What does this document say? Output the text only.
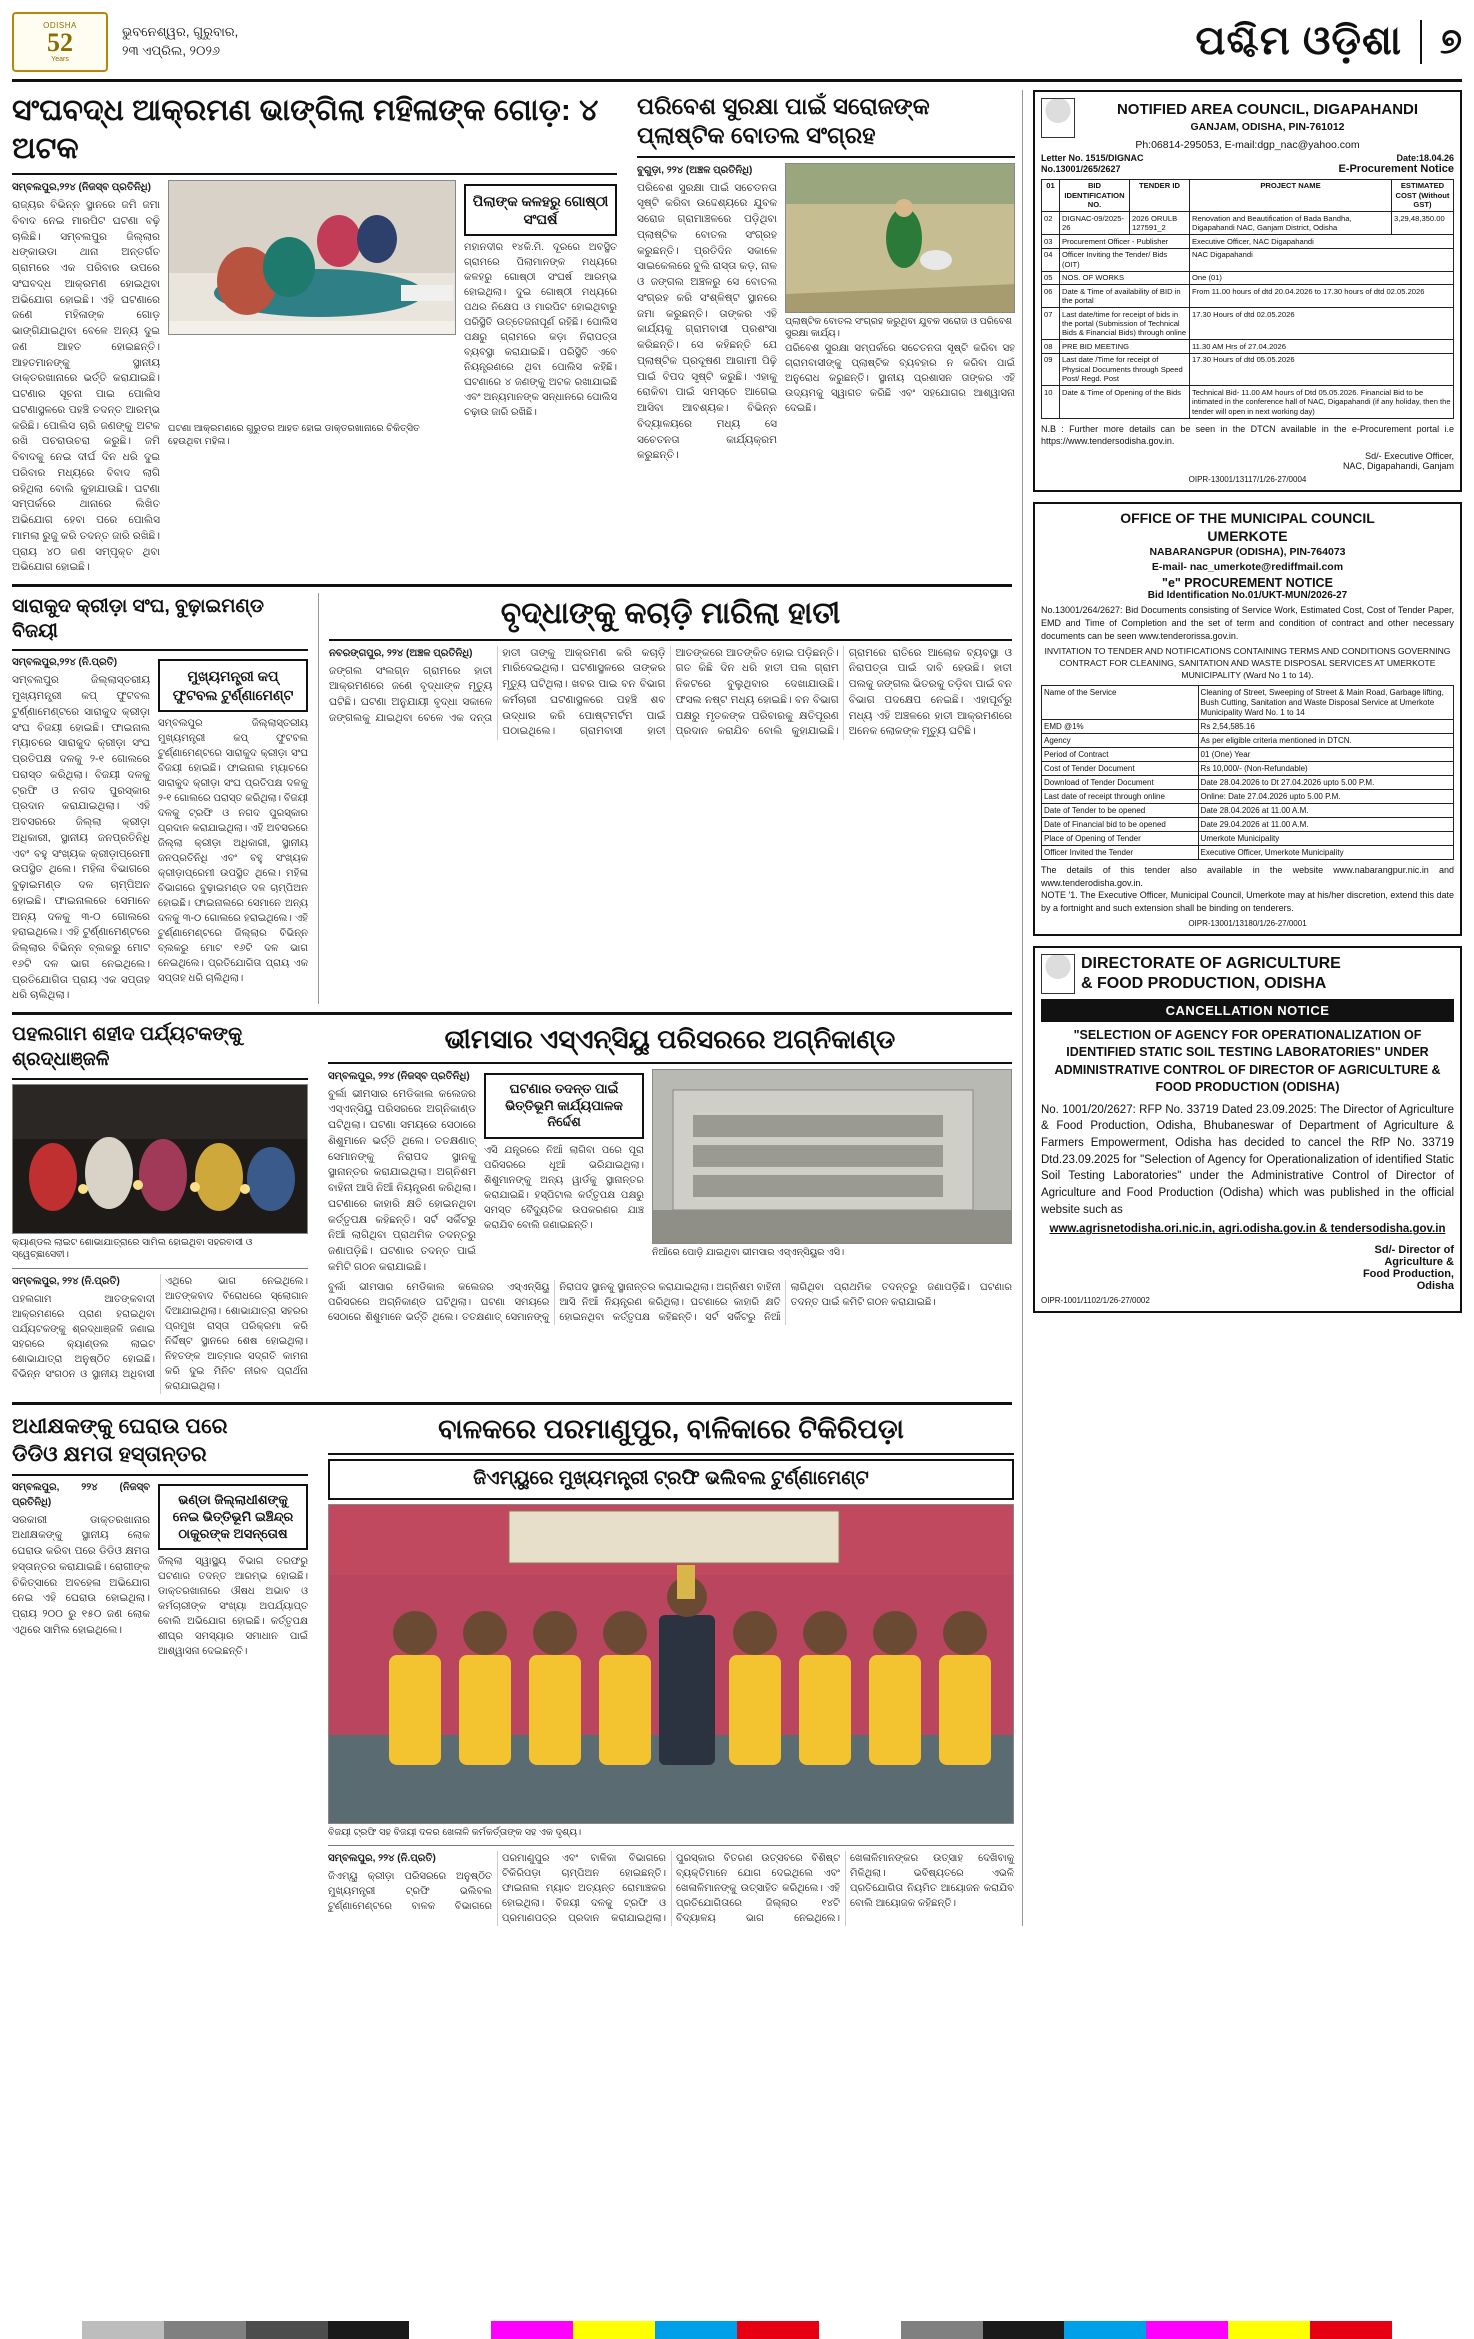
ODISHA
52
Years
ଭୁବନେଶ୍ୱର, ଗୁରୁବାର,
୨୩ ଏପ୍ରିଲ, ୨୦୨୬	ପଶ୍ଚିମ ଓଡ଼ିଶା ୭
ସଂଘବଦ୍ଧ ଆକ୍ରମଣ ଭାଙ୍ଗିଲା ମହିଳାଙ୍କ ଗୋଡ଼: ୪ ଅଟକ
ସମ୍ବଲପୁର,୨୨୪ (ନିଜସ୍ବ ପ୍ରତିନିଧି)
ରାଜ୍ୟର ବିଭିନ୍ନ ସ୍ଥାନରେ ଜମି ଜମା ବିବାଦ ନେଇ ମାରପିଟ ଘଟଣା ବଢ଼ି ଚାଲିଛି। ସମ୍ବଲପୁର ଜିଲ୍ଲାର ଧଙ୍କାଉଡା ଥାନା ଅନ୍ତର୍ଗତ ଗ୍ରାମରେ ଏକ ପରିବାର ଉପରେ ସଂଘବଦ୍ଧ ଆକ୍ରମଣ ହୋଇଥିବା ଅଭିଯୋଗ ହୋଇଛି। ଏହି ଘଟଣାରେ ଜଣେ ମହିଳାଙ୍କ ଗୋଡ଼ ଭାଙ୍ଗିଯାଇଥିବା ବେଳେ ଅନ୍ୟ ଦୁଇ ଜଣ ଆହତ ହୋଇଛନ୍ତି। ଆହତମାନଙ୍କୁ ସ୍ଥାନୀୟ ଡାକ୍ତରଖାନାରେ ଭର୍ତ୍ତି କରାଯାଇଛି। ଘଟଣାର ସୂଚନା ପାଇ ପୋଲିସ ଘଟଣାସ୍ଥଳରେ ପହଞ୍ଚି ତଦନ୍ତ ଆରମ୍ଭ କରିଛି। ପୋଲିସ ଚାରି ଜଣଙ୍କୁ ଅଟକ ରଖି ପଚରାଉଚରା କରୁଛି। ଜମି ବିବାଦକୁ ନେଇ ଦୀର୍ଘ ଦିନ ଧରି ଦୁଇ ପରିବାର ମଧ୍ୟରେ ବିବାଦ ଲାଗି ରହିଥିଲା ବୋଲି କୁହାଯାଉଛି। ଘଟଣା ସମ୍ପର୍କରେ ଥାନାରେ ଲିଖିତ ଅଭିଯୋଗ ହେବା ପରେ ପୋଲିସ ମାମଲା ରୁଜୁ କରି ତଦନ୍ତ ଜାରି ରଖିଛି। ପ୍ରାୟ ୪୦ ଜଣ ସମ୍ପୃକ୍ତ ଥିବା ଅଭିଯୋଗ ହୋଇଛି।
ପିଲାଙ୍କ କଳହରୁ ଗୋଷ୍ଠୀ ସଂଘର୍ଷ
ମହାନଦୀର ୧୪କି.ମି. ଦୂରରେ ଅବସ୍ଥିତ ଗ୍ରାମରେ ପିଲାମାନଙ୍କ ମଧ୍ୟରେ କଳହରୁ ଗୋଷ୍ଠୀ ସଂଘର୍ଷ ଆରମ୍ଭ ହୋଇଥିଲା। ଦୁଇ ଗୋଷ୍ଠୀ ମଧ୍ୟରେ ପଥର ନିକ୍ଷେପ ଓ ମାରପିଟ ହୋଇଥିବାରୁ ପରିସ୍ଥିତି ଉତ୍ତେଜନାପୂର୍ଣ ରହିଛି। ପୋଲିସ ପକ୍ଷରୁ ଗ୍ରାମରେ କଡ଼ା ନିରାପତ୍ତା ବ୍ୟବସ୍ଥା କରାଯାଇଛି। ପରିସ୍ଥିତି ଏବେ ନିୟନ୍ତ୍ରଣରେ ଥିବା ପୋଲିସ କହିଛି। ଘଟଣାରେ ୪ ଜଣଙ୍କୁ ଅଟକ ରଖାଯାଇଛି ଏବଂ ଅନ୍ୟମାନଙ୍କ ସନ୍ଧାନରେ ପୋଲିସ ଚଢ଼ାଉ ଜାରି ରଖିଛି।
ଘଟଣା ଆକ୍ରମଣରେ ଗୁରୁତର ଆହତ ହୋଇ ଡାକ୍ତରଖାନାରେ ଚିକିତ୍ସିତ ହେଉଥିବା ମହିଳା।
ପରିବେଶ ସୁରକ୍ଷା ପାଇଁ ସରୋଜଙ୍କ ପ୍ଲାଷ୍ଟିକ ବୋତଲ ସଂଗ୍ରହ
ବୁଗୁଡ଼ା, ୨୨୪ (ଅଞ୍ଚଳ ପ୍ରତିନିଧି)
ପରିବେଶ ସୁରକ୍ଷା ପାଇଁ ସଚେତନତା ସୃଷ୍ଟି କରିବା ଉଦ୍ଦେଶ୍ୟରେ ଯୁବକ ସରୋଜ ଗ୍ରାମାଞ୍ଚଳରେ ପଡ଼ିଥିବା ପ୍ଲାଷ୍ଟିକ ବୋତଲ ସଂଗ୍ରହ କରୁଛନ୍ତି। ପ୍ରତିଦିନ ସକାଳେ ସାଇକେଲରେ ବୁଲି ରାସ୍ତା କଡ଼, ନାଳ ଓ ଜଙ୍ଗଲ ଅଞ୍ଚଳରୁ ସେ ବୋତଲ ସଂଗ୍ରହ କରି ସଂଶ୍ଳିଷ୍ଟ ସ୍ଥାନରେ ଜମା କରୁଛନ୍ତି। ତାଙ୍କର ଏହି କାର୍ଯ୍ୟକୁ ଗ୍ରାମବାସୀ ପ୍ରଶଂସା କରିଛନ୍ତି। ସେ କହିଛନ୍ତି ଯେ ପ୍ଲାଷ୍ଟିକ ପ୍ରଦୂଷଣ ଆଗାମୀ ପିଢ଼ି ପାଇଁ ବିପଦ ସୃଷ୍ଟି କରୁଛି। ଏହାକୁ ରୋକିବା ପାଇଁ ସମସ୍ତେ ଆଗେଇ ଆସିବା ଆବଶ୍ୟକ। ବିଭିନ୍ନ ବିଦ୍ୟାଳୟରେ ମଧ୍ୟ ସେ ସଚେତନତା କାର୍ଯ୍ୟକ୍ରମ କରୁଛନ୍ତି।
ପ୍ଲାଷ୍ଟିକ ବୋତଲ ସଂଗ୍ରହ କରୁଥିବା ଯୁବକ ସରୋଜ ଓ ପରିବେଶ ସୁରକ୍ଷା କାର୍ଯ୍ୟ।
ପରିବେଶ ସୁରକ୍ଷା ସମ୍ପର୍କରେ ସଚେତନତା ସୃଷ୍ଟି କରିବା ସହ ଗ୍ରାମବାସୀଙ୍କୁ ପ୍ଲାଷ୍ଟିକ ବ୍ୟବହାର ନ କରିବା ପାଇଁ ଅନୁରୋଧ କରୁଛନ୍ତି। ସ୍ଥାନୀୟ ପ୍ରଶାସନ ତାଙ୍କର ଏହି ଉଦ୍ୟମକୁ ସ୍ୱାଗତ କରିଛି ଏବଂ ସହଯୋଗର ଆଶ୍ୱାସନା ଦେଇଛି।
ସାରାକୁଦ କ୍ରୀଡ଼ା ସଂଘ, ବୁଢ଼ାଇମଣ୍ଡ ବିଜୟୀ
ସମ୍ବଲପୁର,୨୨୪ (ନି.ପ୍ରତି)
ସମ୍ବଲପୁର ଜିଲ୍ଲାସ୍ତରୀୟ ମୁଖ୍ୟମନ୍ତ୍ରୀ କପ୍ ଫୁଟବଲ ଟୁର୍ଣ୍ଣାମେଣ୍ଟରେ ସାରାକୁଦ କ୍ରୀଡ଼ା ସଂଘ ବିଜୟୀ ହୋଇଛି। ଫାଇନାଲ ମ୍ୟାଚରେ ସାରାକୁଦ କ୍ରୀଡ଼ା ସଂଘ ପ୍ରତିପକ୍ଷ ଦଳକୁ ୨-୧ ଗୋଲରେ ପରାସ୍ତ କରିଥିଲା। ବିଜୟୀ ଦଳକୁ ଟ୍ରଫି ଓ ନଗଦ ପୁରସ୍କାର ପ୍ରଦାନ କରାଯାଇଥିଲା। ଏହି ଅବସରରେ ଜିଲ୍ଲା କ୍ରୀଡ଼ା ଅଧିକାରୀ, ସ୍ଥାନୀୟ ଜନପ୍ରତିନିଧି ଏବଂ ବହୁ ସଂଖ୍ୟକ କ୍ରୀଡ଼ାପ୍ରେମୀ ଉପସ୍ଥିତ ଥିଲେ। ମହିଳା ବିଭାଗରେ ବୁଢ଼ାଇମଣ୍ଡ ଦଳ ଚାମ୍ପିଅନ ହୋଇଛି। ଫାଇନାଲରେ ସେମାନେ ଅନ୍ୟ ଦଳକୁ ୩-୦ ଗୋଲରେ ହରାଇଥିଲେ। ଏହି ଟୁର୍ଣ୍ଣାମେଣ୍ଟରେ ଜିଲ୍ଲାର ବିଭିନ୍ନ ବ୍ଲକରୁ ମୋଟ ୧୬ଟି ଦଳ ଭାଗ ନେଇଥିଲେ। ପ୍ରତିଯୋଗିତା ପ୍ରାୟ ଏକ ସପ୍ତାହ ଧରି ଚାଲିଥିଲା।
ମୁଖ୍ୟମନ୍ତ୍ରୀ କପ୍ ଫୁଟବଲ ଟୁର୍ଣ୍ଣାମେଣ୍ଟ
ସମ୍ବଲପୁର ଜିଲ୍ଲାସ୍ତରୀୟ ମୁଖ୍ୟମନ୍ତ୍ରୀ କପ୍ ଫୁଟବଲ ଟୁର୍ଣ୍ଣାମେଣ୍ଟରେ ସାରାକୁଦ କ୍ରୀଡ଼ା ସଂଘ ବିଜୟୀ ହୋଇଛି। ଫାଇନାଲ ମ୍ୟାଚରେ ସାରାକୁଦ କ୍ରୀଡ଼ା ସଂଘ ପ୍ରତିପକ୍ଷ ଦଳକୁ ୨-୧ ଗୋଲରେ ପରାସ୍ତ କରିଥିଲା। ବିଜୟୀ ଦଳକୁ ଟ୍ରଫି ଓ ନଗଦ ପୁରସ୍କାର ପ୍ରଦାନ କରାଯାଇଥିଲା। ଏହି ଅବସରରେ ଜିଲ୍ଲା କ୍ରୀଡ଼ା ଅଧିକାରୀ, ସ୍ଥାନୀୟ ଜନପ୍ରତିନିଧି ଏବଂ ବହୁ ସଂଖ୍ୟକ କ୍ରୀଡ଼ାପ୍ରେମୀ ଉପସ୍ଥିତ ଥିଲେ। ମହିଳା ବିଭାଗରେ ବୁଢ଼ାଇମଣ୍ଡ ଦଳ ଚାମ୍ପିଅନ ହୋଇଛି। ଫାଇନାଲରେ ସେମାନେ ଅନ୍ୟ ଦଳକୁ ୩-୦ ଗୋଲରେ ହରାଇଥିଲେ। ଏହି ଟୁର୍ଣ୍ଣାମେଣ୍ଟରେ ଜିଲ୍ଲାର ବିଭିନ୍ନ ବ୍ଲକରୁ ମୋଟ ୧୬ଟି ଦଳ ଭାଗ ନେଇଥିଲେ। ପ୍ରତିଯୋଗିତା ପ୍ରାୟ ଏକ ସପ୍ତାହ ଧରି ଚାଲିଥିଲା।
ବୃଦ୍ଧାଙ୍କୁ କଚାଡ଼ି ମାରିଲା ହାତୀ
ନବରଙ୍ଗପୁର, ୨୨୪ (ଅଞ୍ଚଳ ପ୍ରତିନିଧି)
ଜଙ୍ଗଲ ସଂଲଗ୍ନ ଗ୍ରାମରେ ହାତୀ ଆକ୍ରମଣରେ ଜଣେ ବୃଦ୍ଧାଙ୍କ ମୃତ୍ୟୁ ଘଟିଛି। ଘଟଣା ଅନୁଯାୟୀ ବୃଦ୍ଧା ସକାଳେ ଜଙ୍ଗଲକୁ ଯାଇଥିବା ବେଳେ ଏକ ଦନ୍ତା ହାତୀ ତାଙ୍କୁ ଆକ୍ରମଣ କରି କଚାଡ଼ି ମାରିଦେଇଥିଲା। ଘଟଣାସ୍ଥଳରେ ତାଙ୍କର ମୃତ୍ୟୁ ଘଟିଥିଲା। ଖବର ପାଇ ବନ ବିଭାଗ କର୍ମଚାରୀ ଘଟଣାସ୍ଥଳରେ ପହଞ୍ଚି ଶବ ଉଦ୍ଧାର କରି ପୋଷ୍ଟମର୍ଟମ ପାଇଁ ପଠାଇଥିଲେ। ଗ୍ରାମବାସୀ ହାତୀ ଆତଙ୍କରେ ଆତଙ୍କିତ ହୋଇ ପଡ଼ିଛନ୍ତି। ଗତ କିଛି ଦିନ ଧରି ହାତୀ ପଲ ଗ୍ରାମ ନିକଟରେ ବୁଲୁଥିବାର ଦେଖାଯାଉଛି। ଫସଲ ନଷ୍ଟ ମଧ୍ୟ ହୋଇଛି। ବନ ବିଭାଗ ପକ୍ଷରୁ ମୃତକଙ୍କ ପରିବାରକୁ କ୍ଷତିପୂରଣ ପ୍ରଦାନ କରାଯିବ ବୋଲି କୁହାଯାଇଛି। ଗ୍ରାମରେ ରାତିରେ ଆଲୋକ ବ୍ୟବସ୍ଥା ଓ ନିରାପତ୍ତା ପାଇଁ ଦାବି ହେଉଛି। ହାତୀ ପଲକୁ ଜଙ୍ଗଲ ଭିତରକୁ ତଡ଼ିବା ପାଇଁ ବନ ବିଭାଗ ପଦକ୍ଷେପ ନେଇଛି। ଏହାପୂର୍ବରୁ ମଧ୍ୟ ଏହି ଅଞ୍ଚଳରେ ହାତୀ ଆକ୍ରମଣରେ ଅନେକ ଲୋକଙ୍କ ମୃତ୍ୟୁ ଘଟିଛି।
ପହଲଗାମ ଶହୀଦ ପର୍ଯ୍ୟଟକଙ୍କୁ ଶ୍ରଦ୍ଧାଞ୍ଜଳି
କ୍ୟାଣ୍ଡଲ ଲାଇଟ ଶୋଭାଯାତ୍ରାରେ ସାମିଲ ହୋଇଥିବା ସହରବାସୀ ଓ ସ୍ୱେଚ୍ଛାସେବୀ।
ସମ୍ବଲପୁର, ୨୨୪ (ନି.ପ୍ରତି)
ପହଲଗାମ ଆତଙ୍କବାଦୀ ଆକ୍ରମଣରେ ପ୍ରାଣ ହରାଇଥିବା ପର୍ଯ୍ୟଟକଙ୍କୁ ଶ୍ରଦ୍ଧାଞ୍ଜଳି ଜଣାଇ ସହରରେ କ୍ୟାଣ୍ଡଲ ଲାଇଟ ଶୋଭାଯାତ୍ରା ଅନୁଷ୍ଠିତ ହୋଇଛି। ବିଭିନ୍ନ ସଂଗଠନ ଓ ସ୍ଥାନୀୟ ଅଧିବାସୀ ଏଥିରେ ଭାଗ ନେଇଥିଲେ। ଆତଙ୍କବାଦ ବିରୋଧରେ ସ୍ଲୋଗାନ ଦିଆଯାଇଥିଲା। ଶୋଭାଯାତ୍ରା ସହରର ପ୍ରମୁଖ ରାସ୍ତା ପରିକ୍ରମା କରି ନିର୍ଦ୍ଦିଷ୍ଟ ସ୍ଥାନରେ ଶେଷ ହୋଇଥିଲା। ନିହତଙ୍କ ଆତ୍ମାର ସଦ୍‌ଗତି କାମନା କରି ଦୁଇ ମିନିଟ ନୀରବ ପ୍ରାର୍ଥନା କରାଯାଇଥିଲା।
ଭୀମସାର ଏସ୍‌ଏନ୍‌ସିୟୁ ପରିସରରେ ଅଗ୍ନିକାଣ୍ଡ
ସମ୍ବଲପୁର, ୨୨୪ (ନିଜସ୍ବ ପ୍ରତିନିଧି)
ବୁର୍ଲା ଭୀମସାର ମେଡିକାଲ କଲେଜର ଏସ୍‌ଏନ୍‌ସିୟୁ ପରିସରରେ ଅଗ୍ନିକାଣ୍ଡ ଘଟିଥିଲା। ଘଟଣା ସମୟରେ ସେଠାରେ ଶିଶୁମାନେ ଭର୍ତ୍ତି ଥିଲେ। ତତକ୍ଷଣାତ୍ ସେମାନଙ୍କୁ ନିରାପଦ ସ୍ଥାନକୁ ସ୍ଥାନାନ୍ତର କରାଯାଇଥିଲା। ଅଗ୍ନିଶମ ବାହିନୀ ଆସି ନିଆଁ ନିୟନ୍ତ୍ରଣ କରିଥିଲା। ଘଟଣାରେ କାହାରି କ୍ଷତି ହୋଇନଥିବା କର୍ତ୍ତୃପକ୍ଷ କହିଛନ୍ତି। ସର୍ଟ ସର୍କିଟରୁ ନିଆଁ ଲାଗିଥିବା ପ୍ରାଥମିକ ତଦନ୍ତରୁ ଜଣାପଡ଼ିଛି। ଘଟଣାର ତଦନ୍ତ ପାଇଁ କମିଟି ଗଠନ କରାଯାଇଛି।
ଘଟଣାର ତଦନ୍ତ ପାଇଁ ଭିତ୍ତିଭୂମି କାର୍ଯ୍ୟପାଳକ ନିର୍ଦ୍ଦେଶ
ଏସି ଯନ୍ତ୍ରରେ ନିଆଁ ଲାଗିବା ପରେ ପୂରା ପରିସରରେ ଧୂଆଁ ଭରିଯାଇଥିଲା। ଶିଶୁମାନଙ୍କୁ ଅନ୍ୟ ୱାର୍ଡକୁ ସ୍ଥାନାନ୍ତର କରାଯାଇଛି। ହସ୍ପିଟାଲ କର୍ତ୍ତୃପକ୍ଷ ପକ୍ଷରୁ ସମସ୍ତ ବୈଦ୍ୟୁତିକ ଉପକରଣର ଯାଞ୍ଚ କରାଯିବ ବୋଲି ଜଣାଇଛନ୍ତି।
ନିଆଁରେ ପୋଡ଼ି ଯାଇଥିବା ଭୀମସାର ଏସ୍‌ଏନ୍‌ସିୟୁର ଏସି।
ବୁର୍ଲା ଭୀମସାର ମେଡିକାଲ କଲେଜର ଏସ୍‌ଏନ୍‌ସିୟୁ ପରିସରରେ ଅଗ୍ନିକାଣ୍ଡ ଘଟିଥିଲା। ଘଟଣା ସମୟରେ ସେଠାରେ ଶିଶୁମାନେ ଭର୍ତ୍ତି ଥିଲେ। ତତକ୍ଷଣାତ୍ ସେମାନଙ୍କୁ ନିରାପଦ ସ୍ଥାନକୁ ସ୍ଥାନାନ୍ତର କରାଯାଇଥିଲା। ଅଗ୍ନିଶମ ବାହିନୀ ଆସି ନିଆଁ ନିୟନ୍ତ୍ରଣ କରିଥିଲା। ଘଟଣାରେ କାହାରି କ୍ଷତି ହୋଇନଥିବା କର୍ତ୍ତୃପକ୍ଷ କହିଛନ୍ତି। ସର୍ଟ ସର୍କିଟରୁ ନିଆଁ ଲାଗିଥିବା ପ୍ରାଥମିକ ତଦନ୍ତରୁ ଜଣାପଡ଼ିଛି। ଘଟଣାର ତଦନ୍ତ ପାଇଁ କମିଟି ଗଠନ କରାଯାଇଛି।
ଅଧୀକ୍ଷକଙ୍କୁ ଘେରାଉ ପରେ
ଡିଡିଓ କ୍ଷମତା ହସ୍ତାନ୍ତର
ସମ୍ବଲପୁର, ୨୨୪ (ନିଜସ୍ବ ପ୍ରତିନିଧି)
ସରକାରୀ ଡାକ୍ତରଖାନାର ଅଧୀକ୍ଷକଙ୍କୁ ସ୍ଥାନୀୟ ଲୋକ ଘେରାଉ କରିବା ପରେ ଡିଡିଓ କ୍ଷମତା ହସ୍ତାନ୍ତର କରାଯାଇଛି। ରୋଗୀଙ୍କ ଚିକିତ୍ସାରେ ଅବହେଳା ଅଭିଯୋଗ ନେଇ ଏହି ଘେରାଉ ହୋଇଥିଲା। ପ୍ରାୟ ୨୦୦ ରୁ ୧୫୦ ଜଣ ଲୋକ ଏଥିରେ ସାମିଲ ହୋଇଥିଲେ।
ଭଣ୍ଡା ଜିଲ୍ଲାଧୀଶଙ୍କୁ ନେଇ ଭିତ୍ତିଭୂମି ଇଞ୍ଚିନ୍ଦ୍ର ଠାକୁରଙ୍କ ଅସନ୍ତୋଷ
ଜିଲ୍ଲା ସ୍ୱାସ୍ଥ୍ୟ ବିଭାଗ ତରଫରୁ ଘଟଣାର ତଦନ୍ତ ଆରମ୍ଭ ହୋଇଛି। ଡାକ୍ତରଖାନାରେ ଔଷଧ ଅଭାବ ଓ କର୍ମଚାରୀଙ୍କ ସଂଖ୍ୟା ଅପର୍ଯ୍ୟାପ୍ତ ବୋଲି ଅଭିଯୋଗ ହୋଇଛି। କର୍ତ୍ତୃପକ୍ଷ ଶୀଘ୍ର ସମସ୍ୟାର ସମାଧାନ ପାଇଁ ଆଶ୍ୱାସନା ଦେଇଛନ୍ତି।
ବାଳକରେ ପରମାଣୁପୁର, ବାଳିକାରେ ଟିକିରିପଡ଼ା
ଜିଏମ୍‌ୟୁରେ ମୁଖ୍ୟମନ୍ତ୍ରୀ ଟ୍ରଫି ଭଲିବଲ ଟୁର୍ଣ୍ଣାମେଣ୍ଟ
ବିଜୟୀ ଟ୍ରଫି ସହ ବିଜୟୀ ଦଳର ଖେଳାଳି କର୍ମକର୍ତ୍ତାଙ୍କ ସହ ଏକ ଦୃଶ୍ୟ।
ସମ୍ବଲପୁର, ୨୨୪ (ନି.ପ୍ରତି)
ଜିଏମ୍‌ୟୁ କ୍ରୀଡ଼ା ପରିସରରେ ଅନୁଷ୍ଠିତ ମୁଖ୍ୟମନ୍ତ୍ରୀ ଟ୍ରଫି ଭଲିବଲ ଟୁର୍ଣ୍ଣାମେଣ୍ଟରେ ବାଳକ ବିଭାଗରେ ପରମାଣୁପୁର ଏବଂ ବାଳିକା ବିଭାଗରେ ଟିକିରିପଡ଼ା ଚାମ୍ପିଅନ ହୋଇଛନ୍ତି। ଫାଇନାଲ ମ୍ୟାଚ ଅତ୍ୟନ୍ତ ରୋମାଞ୍ଚକର ହୋଇଥିଲା। ବିଜୟୀ ଦଳକୁ ଟ୍ରଫି ଓ ପ୍ରମାଣପତ୍ର ପ୍ରଦାନ କରାଯାଇଥିଲା। ପୁରସ୍କାର ବିତରଣ ଉତ୍ସବରେ ବିଶିଷ୍ଟ ବ୍ୟକ୍ତିମାନେ ଯୋଗ ଦେଇଥିଲେ ଏବଂ ଖେଳାଳିମାନଙ୍କୁ ଉତ୍ସାହିତ କରିଥିଲେ। ଏହି ପ୍ରତିଯୋଗିତାରେ ଜିଲ୍ଲାର ୧୪ଟି ବିଦ୍ୟାଳୟ ଭାଗ ନେଇଥିଲେ। ଖେଳାଳିମାନଙ୍କର ଉତ୍ସାହ ଦେଖିବାକୁ ମିଳିଥିଲା। ଭବିଷ୍ୟତରେ ଏଭଳି ପ୍ରତିଯୋଗିତା ନିୟମିତ ଆୟୋଜନ କରାଯିବ ବୋଲି ଆୟୋଜକ କହିଛନ୍ତି।
NOTIFIED AREA COUNCIL, DIGAPAHANDI
GANJAM, ODISHA, PIN-761012
Ph:06814-295053, E-mail:dgp_nac@yahoo.com
Letter No. 1515/DIGNAC	Date:18.04.26
No.13001/265/2627	E-Procurement Notice
01	BID IDENTIFICATION NO.	TENDER ID	PROJECT NAME	ESTIMATED COST (Without GST)
02	DIGNAC-09/2025-26	2026 ORULB 127591_2	Renovation and Beautification of Bada Bandha, Digapahandi NAC, Ganjam District, Odisha	3,29,48,350.00
03	Procurement Officer - Publisher		Executive Officer, NAC Digapahandi	
04	Officer Inviting the Tender/ Bids (OIT)		NAC Digapahandi	
05	NOS. OF WORKS		One (01)	
06	Date & Time of availability of BID in the portal		From 11.00 hours of dtd 20.04.2026 to 17.30 hours of dtd 02.05.2026	
07	Last date/time for receipt of bids in the portal (Submission of Technical Bids & Financial Bids) through online		17.30 Hours of dtd 02.05.2026	
08	PRE BID MEETING		11.30 AM Hrs of 27.04.2026	
09	Last date /Time for receipt of Physical Documents through Speed Post/ Regd. Post		17.30 Hours of dtd 05.05.2026	
10	Date & Time of Opening of the Bids		Technical Bid- 11.00 AM hours of Dtd 05.05.2026. Financial Bid to be intimated in the conference hall of NAC, Digapahandi (if any holiday, then the tender will open in next working day)	
N.B : Further more details can be seen in the DTCN available in the e-Procurement portal i.e https://www.tendersodisha.gov.in.
Sd/- Executive Officer,
NAC, Digapahandi, Ganjam
OIPR-13001/13117/1/26-27/0004
OFFICE OF THE MUNICIPAL COUNCIL
UMERKOTE
NABARANGPUR (ODISHA), PIN-764073
E-mail- nac_umerkote@rediffmail.com
"e" PROCUREMENT NOTICE
Bid Identification No.01/UKT-MUN/2026-27
No.13001/264/2627: Bid Documents consisting of Service Work, Estimated Cost, Cost of Tender Paper, EMD and Time of Completion and the set of term and condition of contract and other necessary documents can be seen www.tenderorissa.gov.in.
INVITATION TO TENDER AND NOTIFICATIONS CONTAINING TERMS AND CONDITIONS GOVERNING CONTRACT FOR CLEANING, SANITATION AND WASTE DISPOSAL SERVICES AT UMERKOTE MUNICIPALITY (Ward No 1 to 14).
Name of the Service	Cleaning of Street, Sweeping of Street & Main Road, Garbage lifting, Bush Cutting, Sanitation and Waste Disposal Service at Umerkote Municipality Ward No. 1 to 14
EMD @1%	Rs 2,54,585.16
Agency	As per eligible criteria mentioned in DTCN.
Period of Contract	01 (One) Year
Cost of Tender Document	Rs 10,000/- (Non-Refundable)
Download of Tender Document	Date 28.04.2026 to Dt 27.04.2026 upto 5.00 P.M.
Last date of receipt through online	Online: Date 27.04.2026 upto 5.00 P.M.
Date of Tender to be opened	Date 28.04.2026 at 11.00 A.M.
Date of Financial bid to be opened	Date 29.04.2026 at 11.00 A.M.
Place of Opening of Tender	Umerkote Municipality
Officer Invited the Tender	Executive Officer, Umerkote Municipality
The details of this tender also available in the website www.nabarangpur.nic.in and www.tenderodisha.gov.in.
NOTE '1. The Executive Officer, Municipal Council, Umerkote may at his/her discretion, extend this date by a fortnight and such extension shall be binding on tenderers.
OIPR-13001/13180/1/26-27/0001
DIRECTORATE OF AGRICULTURE
& FOOD PRODUCTION, ODISHA
CANCELLATION NOTICE
"SELECTION OF AGENCY FOR OPERATIONALIZATION OF IDENTIFIED STATIC SOIL TESTING LABORATORIES" UNDER ADMINISTRATIVE CONTROL OF DIRECTOR OF AGRICULTURE & FOOD PRODUCTION (ODISHA)
No. 1001/20/2627: RFP No. 33719 Dated 23.09.2025: The Director of Agriculture & Food Production, Odisha, Bhubaneswar of Department of Agriculture & Farmers Empowerment, Odisha has decided to cancel the RfP No. 33719 Dtd.23.09.2025 for "Selection of Agency for Operationalization of identified Static Soil Testing Laboratories" under the Administrative Control of Director of Agriculture and Food Production (Odisha) which was published in the official website such as
www.agrisnetodisha.ori.nic.in, agri.odisha.gov.in & tendersodisha.gov.in
Sd/- Director of
Agriculture &
Food Production,
Odisha
OIPR-1001/1102/1/26-27/0002
